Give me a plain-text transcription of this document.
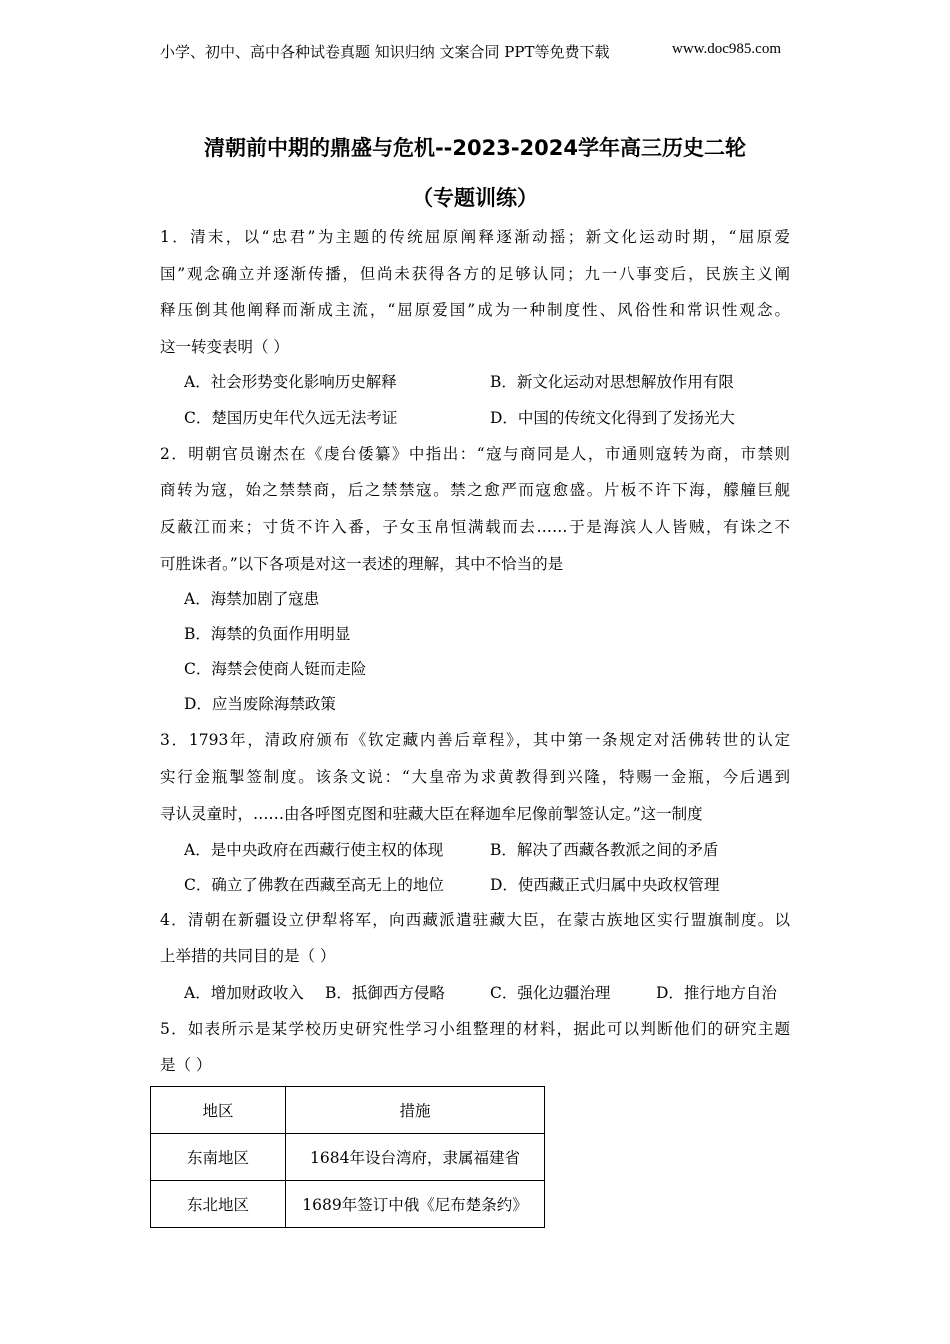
小学、初中、高中各种试卷真题 知识归纳 文案合同 PPT等免费下载	www.doc985.com
清朝前中期的鼎盛与危机--2023-2024学年高三历史二轮
（专题训练）
1．清末，以“忠君”为主题的传统屈原阐释逐渐动摇；新文化运动时期，“屈原爱
国”观念确立并逐渐传播，但尚未获得各方的足够认同；九一八事变后，民族主义阐
释压倒其他阐释而渐成主流，“屈原爱国”成为一种制度性、风俗性和常识性观念。
这一转变表明（ ）
A．社会形势变化影响历史解释	B．新文化运动对思想解放作用有限
C．楚国历史年代久远无法考证	D．中国的传统文化得到了发扬光大
2．明朝官员谢杰在《虔台倭纂》中指出：“寇与商同是人，市通则寇转为商，市禁则
商转为寇，始之禁禁商，后之禁禁寇。禁之愈严而寇愈盛。片板不许下海，艨艟巨舰
反蔽江而来；寸货不许入番，子女玉帛恒满载而去……于是海滨人人皆贼，有诛之不
可胜诛者。”以下各项是对这一表述的理解，其中不恰当的是
A．海禁加剧了寇患
B．海禁的负面作用明显
C．海禁会使商人铤而走险
D．应当废除海禁政策
3．1793年，清政府颁布《钦定藏内善后章程》，其中第一条规定对活佛转世的认定
实行金瓶掣签制度。该条文说：“大皇帝为求黄教得到兴隆，特赐一金瓶，今后遇到
寻认灵童时，……由各呼图克图和驻藏大臣在释迦牟尼像前掣签认定。”这一制度
A．是中央政府在西藏行使主权的体现	B．解决了西藏各教派之间的矛盾
C．确立了佛教在西藏至高无上的地位	D．使西藏正式归属中央政权管理
4．清朝在新疆设立伊犁将军，向西藏派遣驻藏大臣，在蒙古族地区实行盟旗制度。以
上举措的共同目的是（ ）
A．增加财政收入 B．抵御西方侵略	C．强化边疆治理	D．推行地方自治
5．如表所示是某学校历史研究性学习小组整理的材料，据此可以判断他们的研究主题
是（ ）
地区	措施
东南地区	1684年设台湾府，隶属福建省
东北地区	1689年签订中俄《尼布楚条约》
